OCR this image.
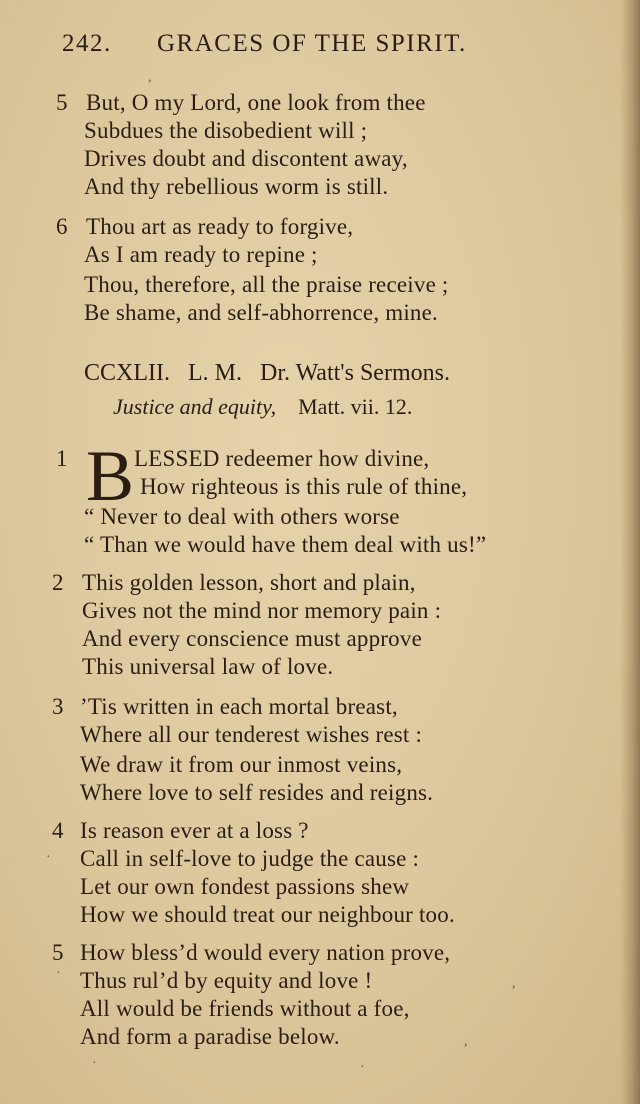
242. GRACES OF THE SPIRIT.
5 But, O my Lord, one look from thee
Subdues the disobedient will ;
Drives doubt and discontent away,
And thy rebellious worm is still.
6 Thou art as ready to forgive,
As I am ready to repine ;
Thou, therefore, all the praise receive ;
Be shame, and self-abhorrence, mine.
CCXLII. L. M. Dr. Watt's Sermons.
Justice and equity, Matt. vii. 12.
1 B LESSED redeemer how divine,
How righteous is this rule of thine,
“ Never to deal with others worse
“ Than we would have them deal with us!”
2 This golden lesson, short and plain,
Gives not the mind nor memory pain :
And every conscience must approve
This universal law of love.
3 ’Tis written in each mortal breast,
Where all our tenderest wishes rest :
We draw it from our inmost veins,
Where love to self resides and reigns.
4 Is reason ever at a loss ?
Call in self-love to judge the cause :
Let our own fondest passions shew
How we should treat our neighbour too.
5 How bless’d would every nation prove,
Thus rul’d by equity and love !
All would be friends without a foe,
And form a paradise below.
,
·
·
,
,
·	·
